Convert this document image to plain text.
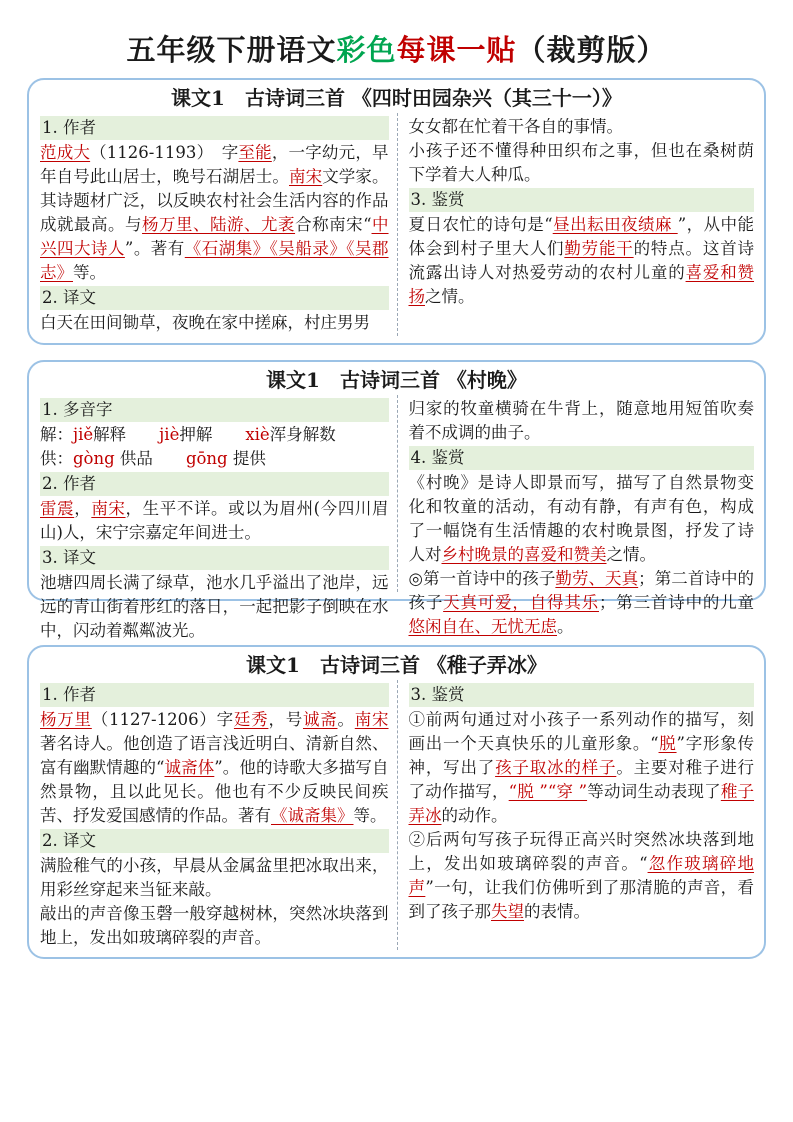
五年级下册语文彩色每课一贴（裁剪版）
课文1　古诗词三首 《四时田园杂兴（其三十一）》
1. 作者
范成大（1126-1193）　字至能，一字幼元，早年自号此山居士，晚号石湖居士。南宋文学家。其诗题材广泛，以反映农村社会生活内容的作品成就最高。与杨万里、陆游、尤袤合称南宋“中兴四大诗人”。著有《石湖集》《吴船录》《吴郡志》等。
2. 译文
白天在田间锄草，夜晚在家中搓麻，村庄男男
女女都在忙着干各自的事情。
小孩子还不懂得种田织布之事，但也在桑树荫下学着大人种瓜。
3. 鉴赏
夏日农忙的诗句是“昼出耘田夜绩麻 ”，从中能体会到村子里大人们勤劳能干的特点。这首诗流露出诗人对热爱劳动的农村儿童的喜爱和赞扬之情。
课文1　古诗词三首 《村晚》
1. 多音字
解：jiě解释　　jiè押解　　xiè浑身解数
供：gòng 供品　　gōng 提供
2. 作者
雷震，南宋，生平不详。或以为眉州(今四川眉山)人，宋宁宗嘉定年间进士。
3. 译文
池塘四周长满了绿草，池水几乎溢出了池岸，远远的青山街着彤红的落日，一起把影子倒映在水中，闪动着粼粼波光。
归家的牧童横骑在牛背上，随意地用短笛吹奏着不成调的曲子。
4. 鉴赏
《村晚》是诗人即景而写，描写了自然景物变化和牧童的活动，有动有静，有声有色，构成了一幅饶有生活情趣的农村晚景图，抒发了诗人对乡村晚景的喜爱和赞美之情。
◎第一首诗中的孩子勤劳、天真；第二首诗中的孩子天真可爱，自得其乐；第三首诗中的儿童悠闲自在、无忧无虑。
课文1　古诗词三首 《稚子弄冰》
1. 作者
杨万里（1127-1206）字廷秀，号诚斋。南宋著名诗人。他创造了语言浅近明白、清新自然、富有幽默情趣的“诚斋体”。他的诗歌大多描写自然景物，且以此见长。他也有不少反映民间疾苦、抒发爱国感情的作品。著有《诚斋集》等。
2. 译文
满脸稚气的小孩，早晨从金属盆里把冰取出来，用彩丝穿起来当钲来敲。
敲出的声音像玉磬一般穿越树林，突然冰块落到地上，发出如玻璃碎裂的声音。
3. 鉴赏
①前两句通过对小孩子一系列动作的描写，刻画出一个天真快乐的儿童形象。“脱”字形象传神，写出了孩子取冰的样子。主要对稚子进行了动作描写，“脱 ”“穿 ”等动词生动表现了稚子弄冰的动作。
②后两句写孩子玩得正高兴时突然冰块落到地上，发出如玻璃碎裂的声音。“忽作玻璃碎地声”一句，让我们仿佛听到了那清脆的声音，看到了孩子那失望的表情。
